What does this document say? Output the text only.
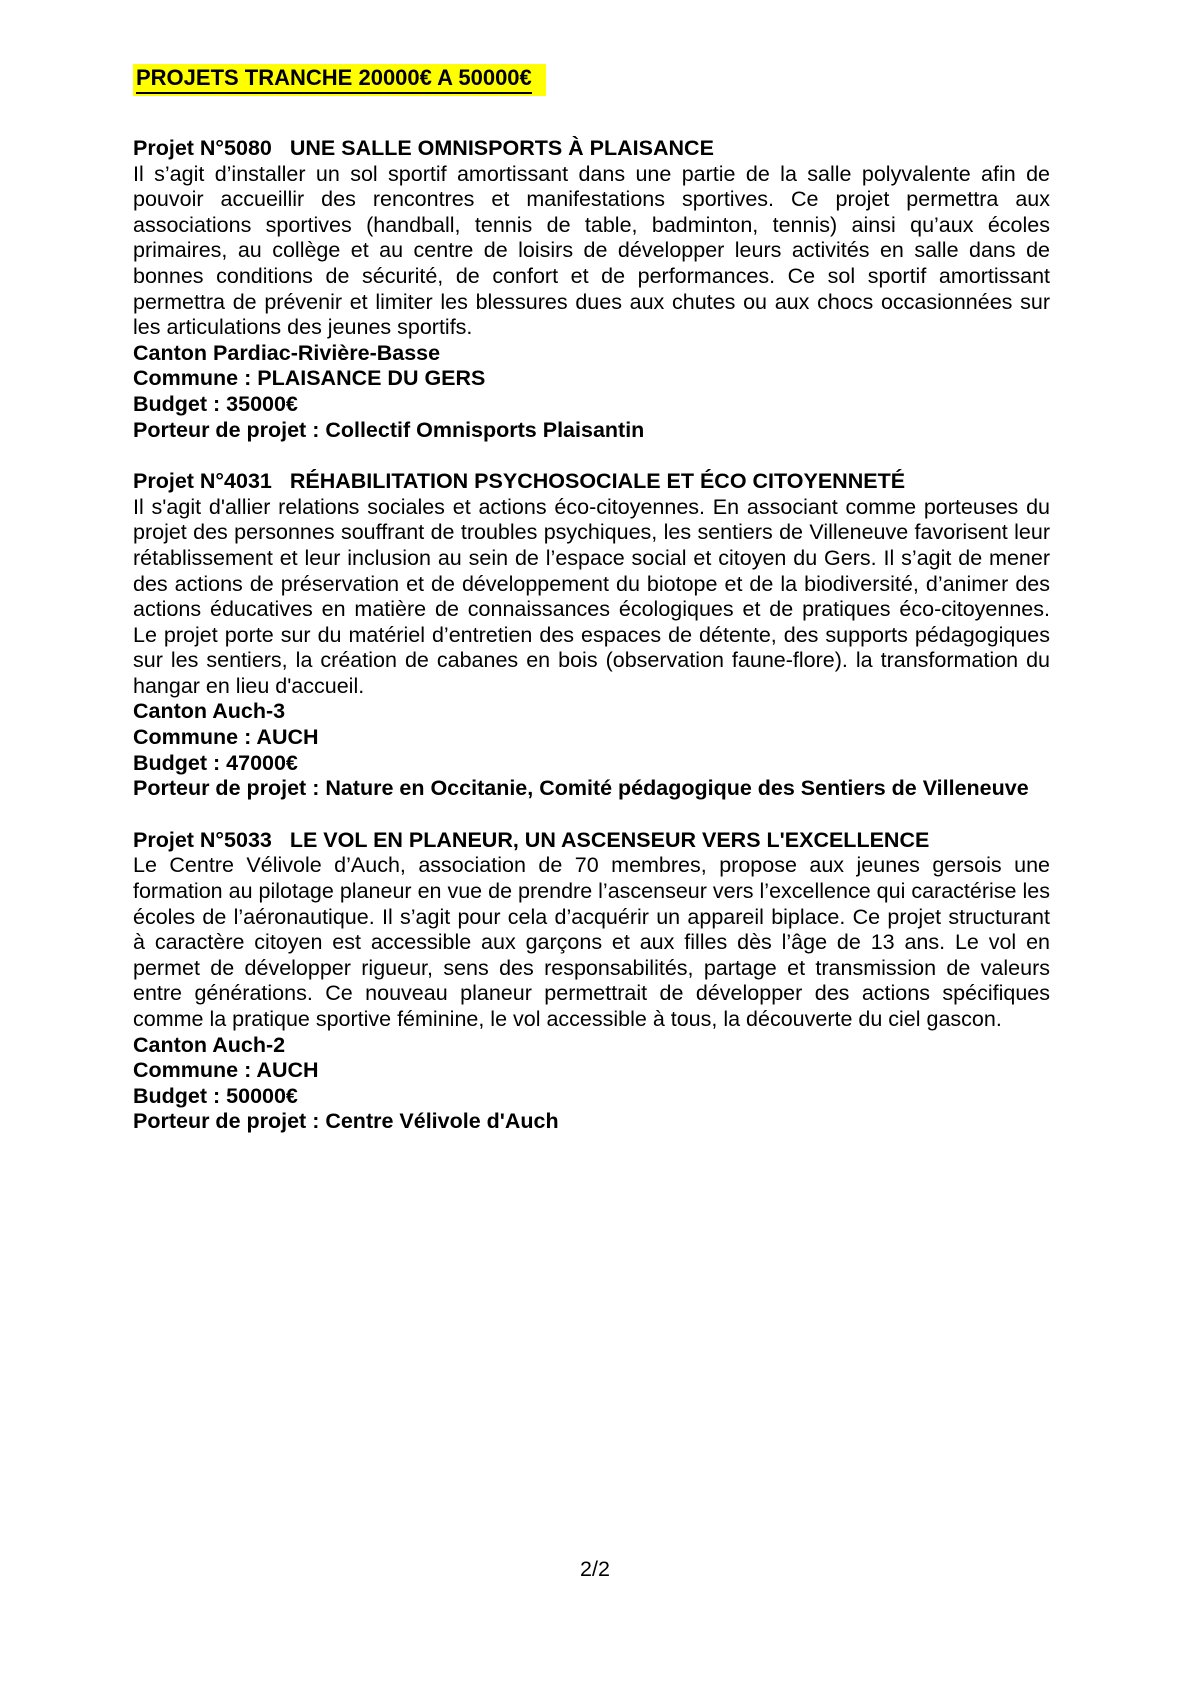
PROJETS TRANCHE 20000€ A 50000€

Projet N°5080 UNE SALLE OMNISPORTS À PLAISANCE

Il s’agit d’installer un sol sportif amortissant dans une partie de la salle polyvalente afin de pouvoir accueillir des rencontres et manifestations sportives. Ce projet permettra aux associations sportives (handball, tennis de table, badminton, tennis) ainsi qu’aux écoles primaires, au collège et au centre de loisirs de développer leurs activités en salle dans de bonnes conditions de sécurité, de confort et de performances. Ce sol sportif amortissant permettra de prévenir et limiter les blessures dues aux chutes ou aux chocs occasionnées sur les articulations des jeunes sportifs.

Canton Pardiac-Rivière-Basse

Commune : PLAISANCE DU GERS

Budget : 35000€

Porteur de projet : Collectif Omnisports Plaisantin

Projet N°4031 RÉHABILITATION PSYCHOSOCIALE ET ÉCO CITOYENNETÉ

Il s'agit d'allier relations sociales et actions éco-citoyennes. En associant comme porteuses du projet des personnes souffrant de troubles psychiques, les sentiers de Villeneuve favorisent leur rétablissement et leur inclusion au sein de l’espace social et citoyen du Gers. Il s’agit de mener des actions de préservation et de développement du biotope et de la biodiversité, d’animer des actions éducatives en matière de connaissances écologiques et de pratiques éco-citoyennes. Le projet porte sur du matériel d’entretien des espaces de détente, des supports pédagogiques sur les sentiers, la création de cabanes en bois (observation faune-flore). la transformation du hangar en lieu d'accueil.

Canton Auch-3

Commune : AUCH

Budget : 47000€

Porteur de projet : Nature en Occitanie, Comité pédagogique des Sentiers de Villeneuve

Projet N°5033 LE VOL EN PLANEUR, UN ASCENSEUR VERS L'EXCELLENCE

Le Centre Vélivole d’Auch, association de 70 membres, propose aux jeunes gersois une formation au pilotage planeur en vue de prendre l’ascenseur vers l’excellence qui caractérise les écoles de l’aéronautique. Il s’agit pour cela d’acquérir un appareil biplace. Ce projet structurant à caractère citoyen est accessible aux garçons et aux filles dès l’âge de 13 ans. Le vol en permet de développer rigueur, sens des responsabilités, partage et transmission de valeurs entre générations. Ce nouveau planeur permettrait de développer des actions spécifiques comme la pratique sportive féminine, le vol accessible à tous, la découverte du ciel gascon.

Canton Auch-2

Commune : AUCH

Budget : 50000€

Porteur de projet : Centre Vélivole d'Auch

2/2
